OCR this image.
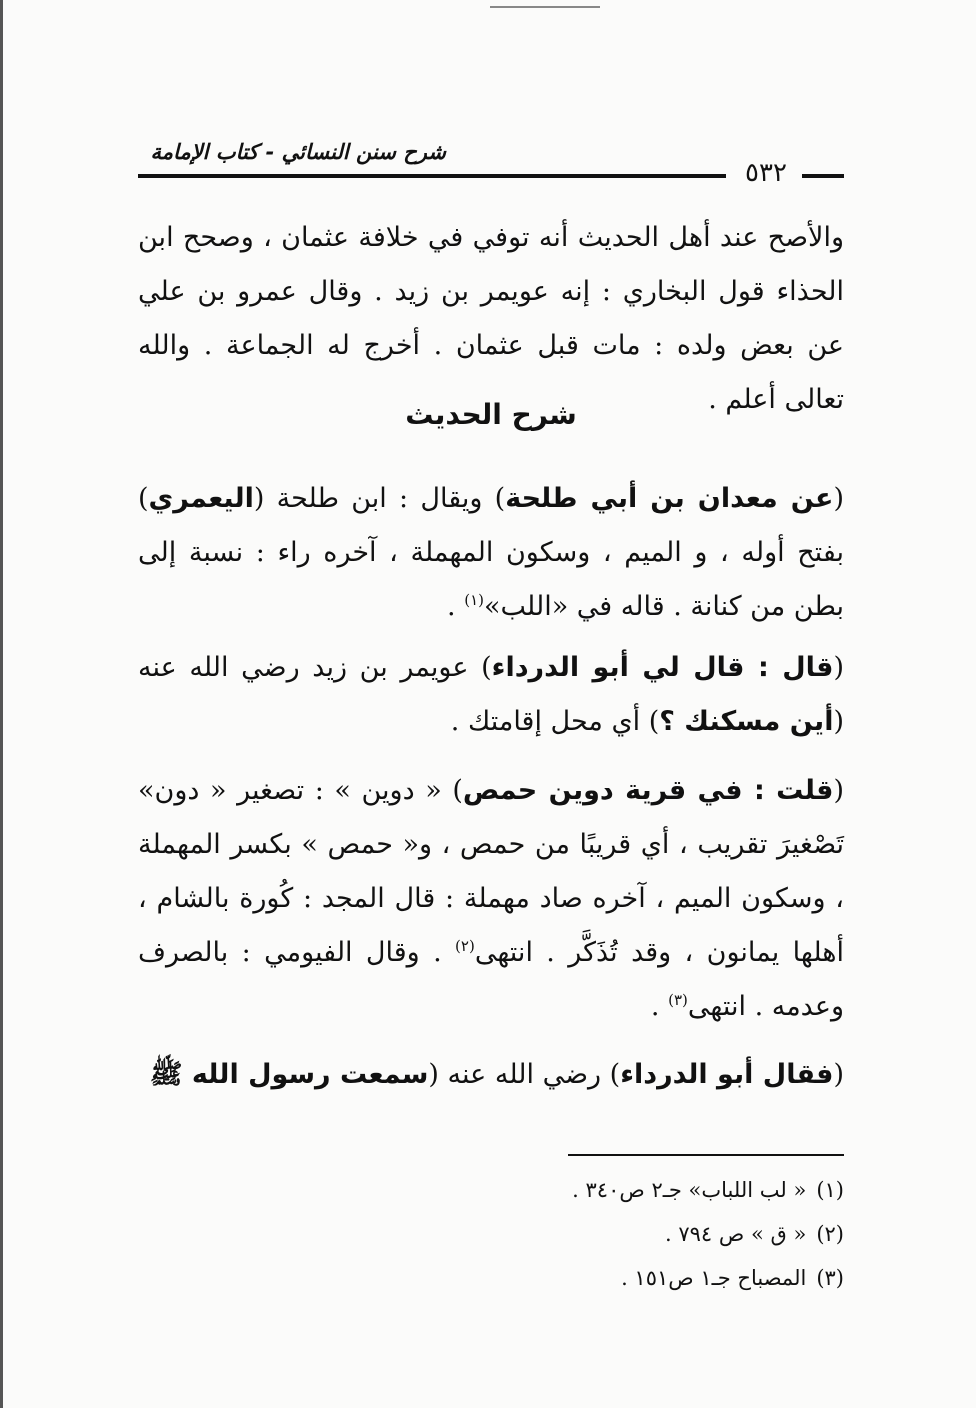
شرح سنن النسائي - كتاب الإمامة
٥٣٢
والأصح عند أهل الحديث أنه توفي في خلافة عثمان ، وصحح ابن الحذاء قول البخاري : إنه عويمر بن زيد . وقال عمرو بن علي عن بعض ولده : مات قبل عثمان . أخرج له الجماعة . والله تعالى أعلم .
شرح الحديث
(عن معدان بن أبي طلحة) ويقال : ابن طلحة (اليعمري) بفتح أوله ، و الميم ، وسكون المهملة ، آخره راء : نسبة إلى بطن من كنانة . قاله في «اللب»$^{(١)}$ .
(قال : قال لي أبو الدرداء) عويمر بن زيد رضي الله عنه (أين مسكنك ؟) أي محل إقامتك .
(قلت : في قرية دوين حمص) « دوين » : تصغير « دون» تَصْغيرَ تقريب ، أي قريبًا من حمص ، و« حمص » بكسر المهملة ، وسكون الميم ، آخره صاد مهملة : قال المجد : كُورة بالشام ، أهلها يمانون ، وقد تُذَكَّر . انتهى$^{(٢)}$ . وقال الفيومي : بالصرف وعدمه . انتهى$^{(٣)}$ .
(فقال أبو الدرداء) رضي الله عنه (سمعت رسول الله ﷺ
(١)« لب اللباب» جـ٢ ص٣٤٠ .
(٢)« ق » ص ٧٩٤ .
(٣)المصباح جـ١ ص١٥١ .
